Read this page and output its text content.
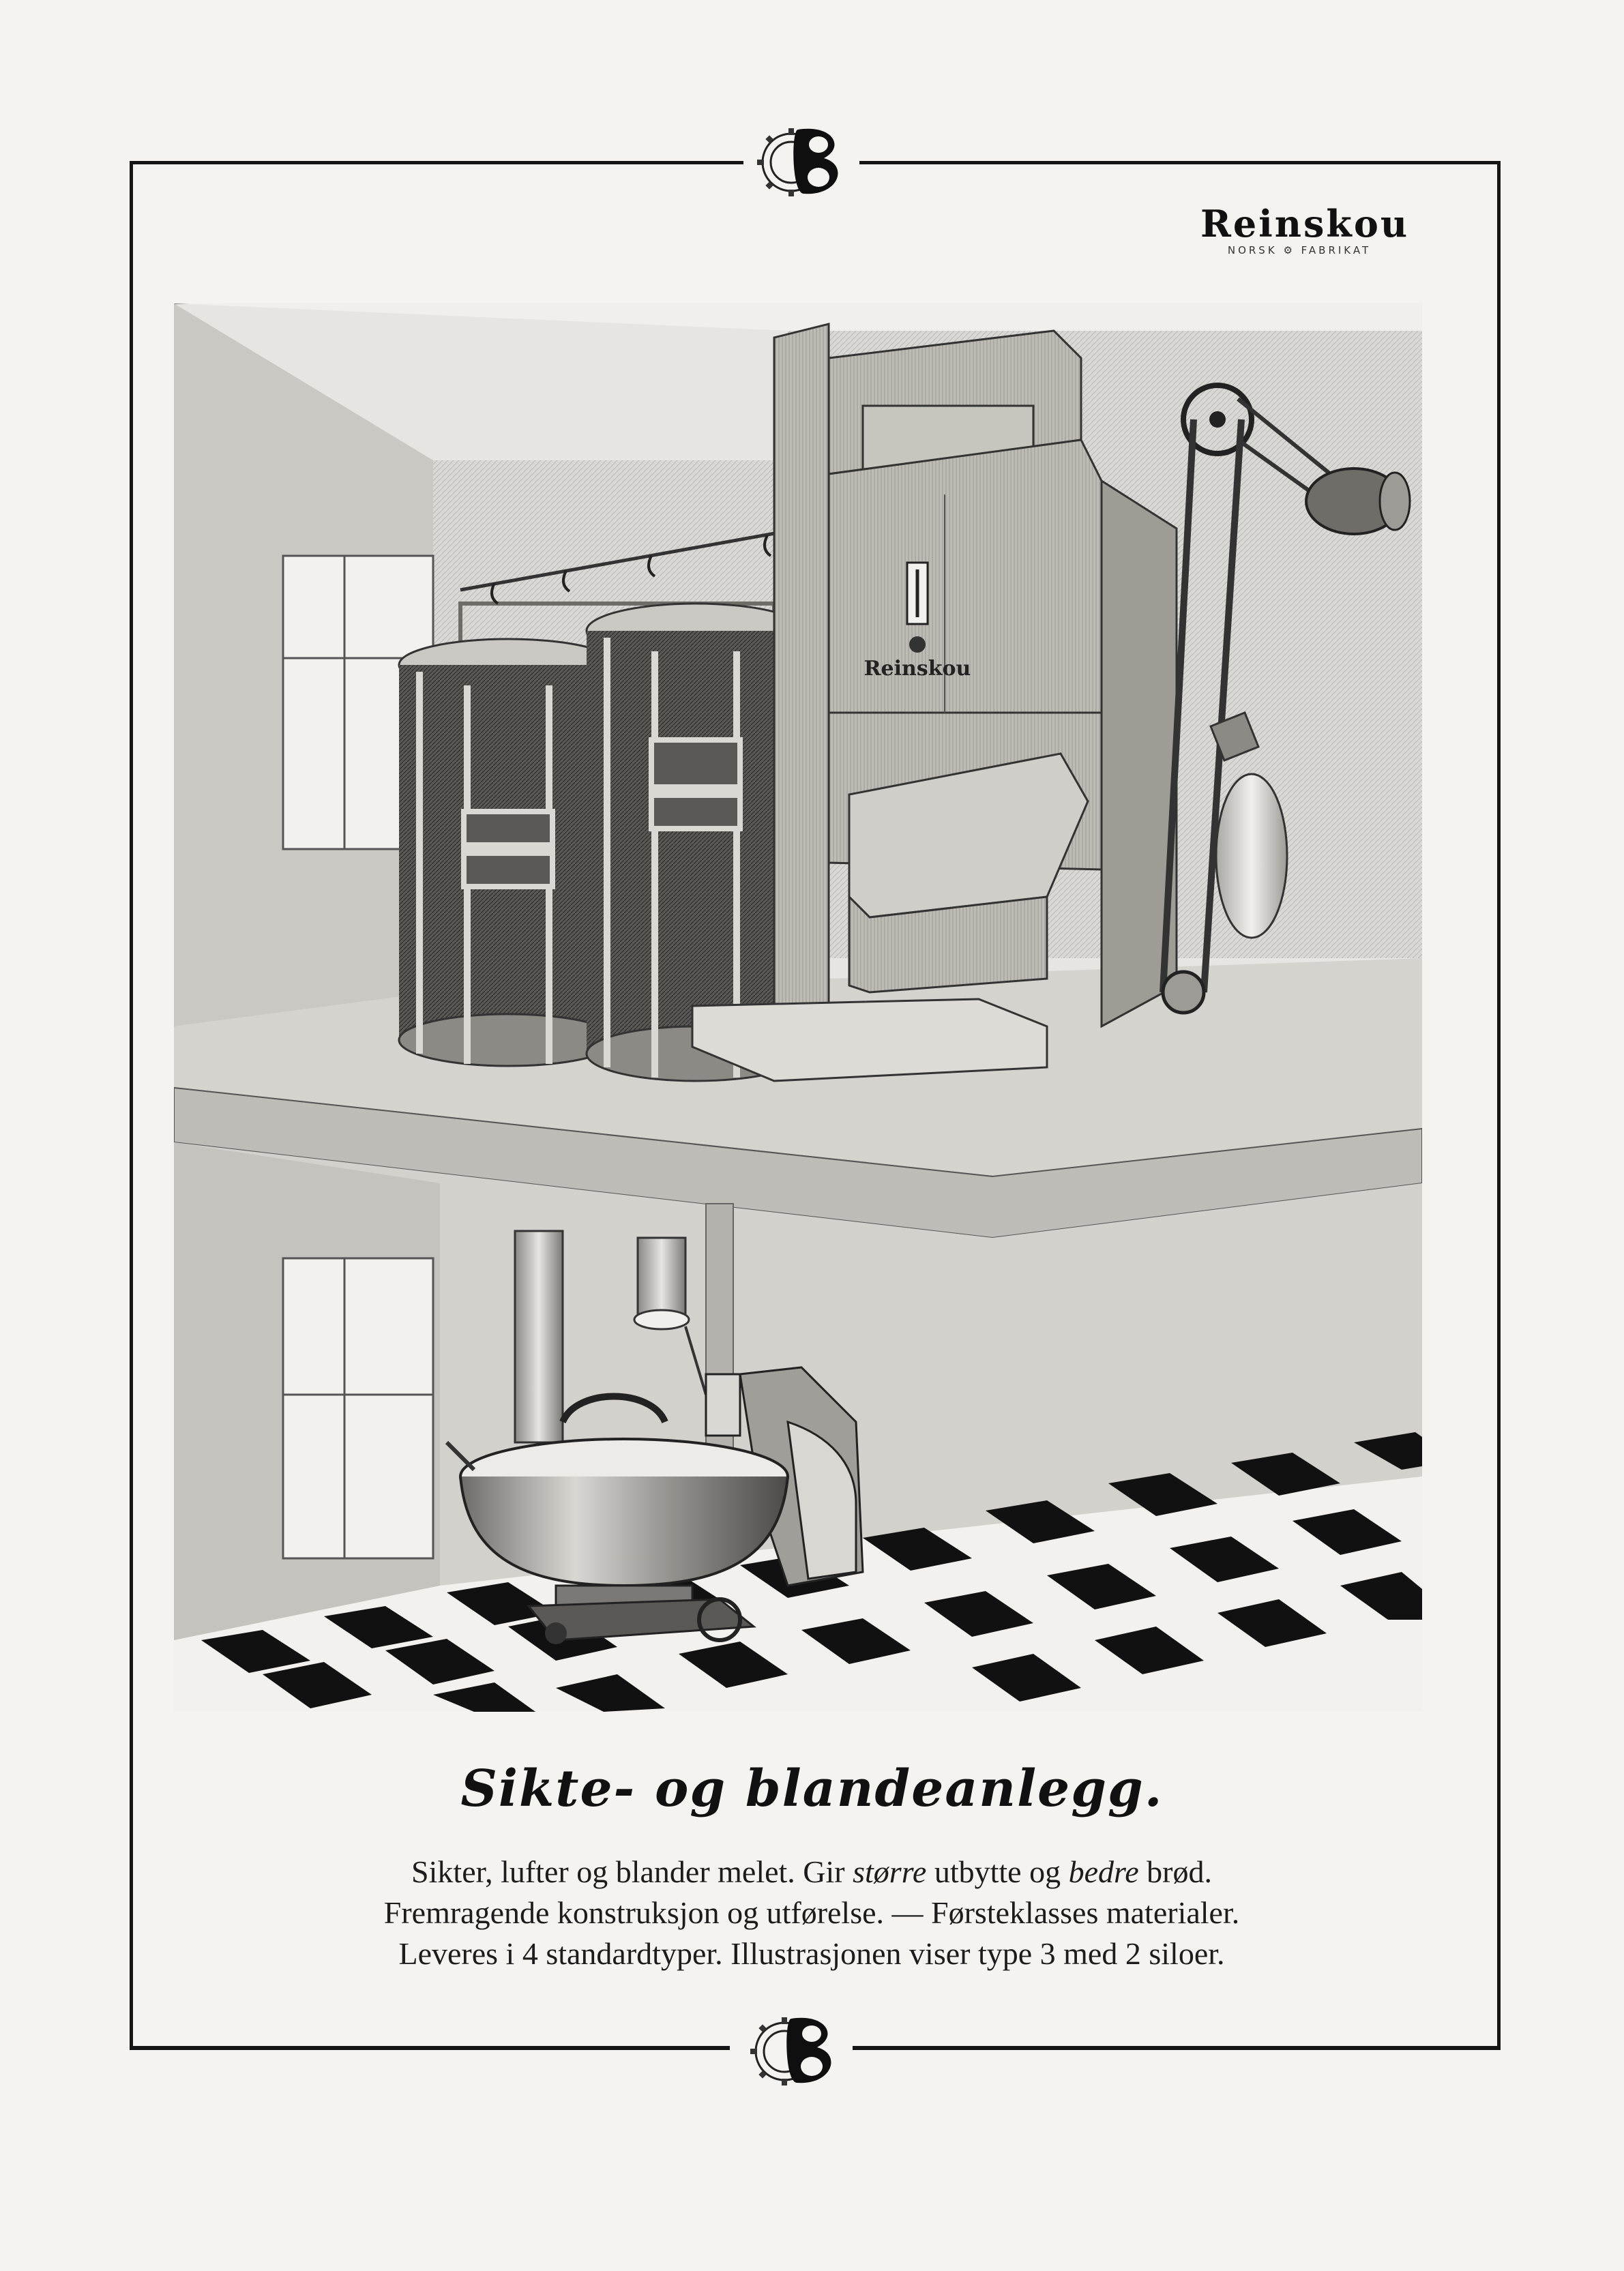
Reinskou
NORSK ⚙ FABRIKAT
Reinskou
Sikte- og blandeanlegg.
Sikter, lufter og blander melet. Gir større utbytte og bedre brød.
Fremragende konstruksjon og utførelse. — Førsteklasses materialer.
Leveres i 4 standardtyper. Illustrasjonen viser type 3 med 2 siloer.
